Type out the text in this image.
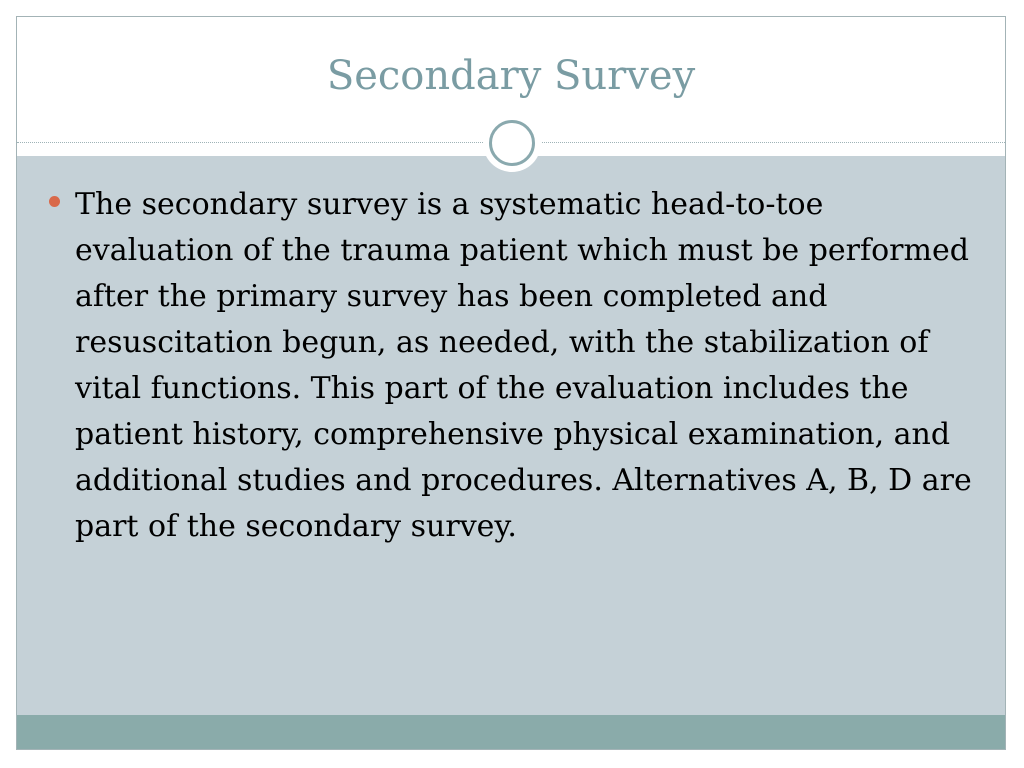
Secondary Survey

The secondary survey is a systematic head-to-toe evaluation of the trauma patient which must be performed after the primary survey has been completed and resuscitation begun, as needed, with the stabilization of vital functions. This part of the evaluation includes the patient history, comprehensive physical examination, and additional studies and procedures. Alternatives A, B, D are part of the secondary survey.
